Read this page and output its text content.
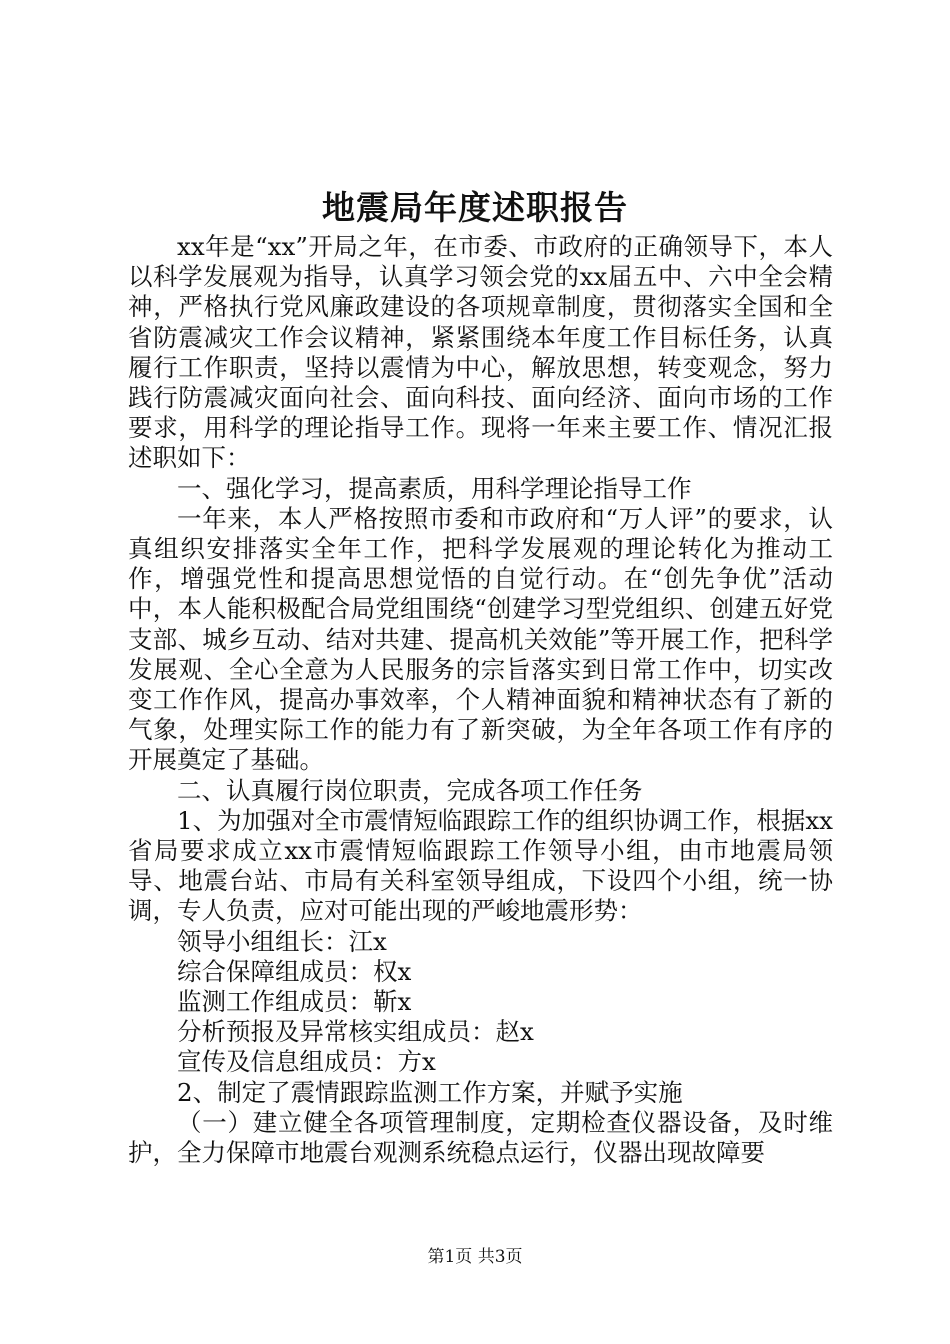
地震局年度述职报告

xx年是“xx”开局之年，在市委、市政府的正确领导下，本人以科学发展观为指导，认真学习领会党的xx届五中、六中全会精神，严格执行党风廉政建设的各项规章制度，贯彻落实全国和全省防震减灾工作会议精神，紧紧围绕本年度工作目标任务，认真履行工作职责，坚持以震情为中心，解放思想，转变观念，努力践行防震减灾面向社会、面向科技、面向经济、面向市场的工作要求，用科学的理论指导工作。现将一年来主要工作、情况汇报述职如下：

一、强化学习，提高素质，用科学理论指导工作

一年来，本人严格按照市委和市政府和“万人评”的要求，认真组织安排落实全年工作，把科学发展观的理论转化为推动工作，增强党性和提高思想觉悟的自觉行动。在“创先争优”活动中，本人能积极配合局党组围绕“创建学习型党组织、创建五好党支部、城乡互动、结对共建、提高机关效能”等开展工作，把科学发展观、全心全意为人民服务的宗旨落实到日常工作中，切实改变工作作风，提高办事效率，个人精神面貌和精神状态有了新的气象，处理实际工作的能力有了新突破，为全年各项工作有序的开展奠定了基础。

二、认真履行岗位职责，完成各项工作任务

1、为加强对全市震情短临跟踪工作的组织协调工作，根据xx省局要求成立xx市震情短临跟踪工作领导小组，由市地震局领导、地震台站、市局有关科室领导组成，下设四个小组，统一协调，专人负责，应对可能出现的严峻地震形势：

领导小组组长：江x

综合保障组成员：权x

监测工作组成员：靳x

分析预报及异常核实组成员：赵x

宣传及信息组成员：方x

2、制定了震情跟踪监测工作方案，并赋予实施

（一）建立健全各项管理制度，定期检查仪器设备，及时维护，全力保障市地震台观测系统稳点运行，仪器出现故障要

第1页 共3页
